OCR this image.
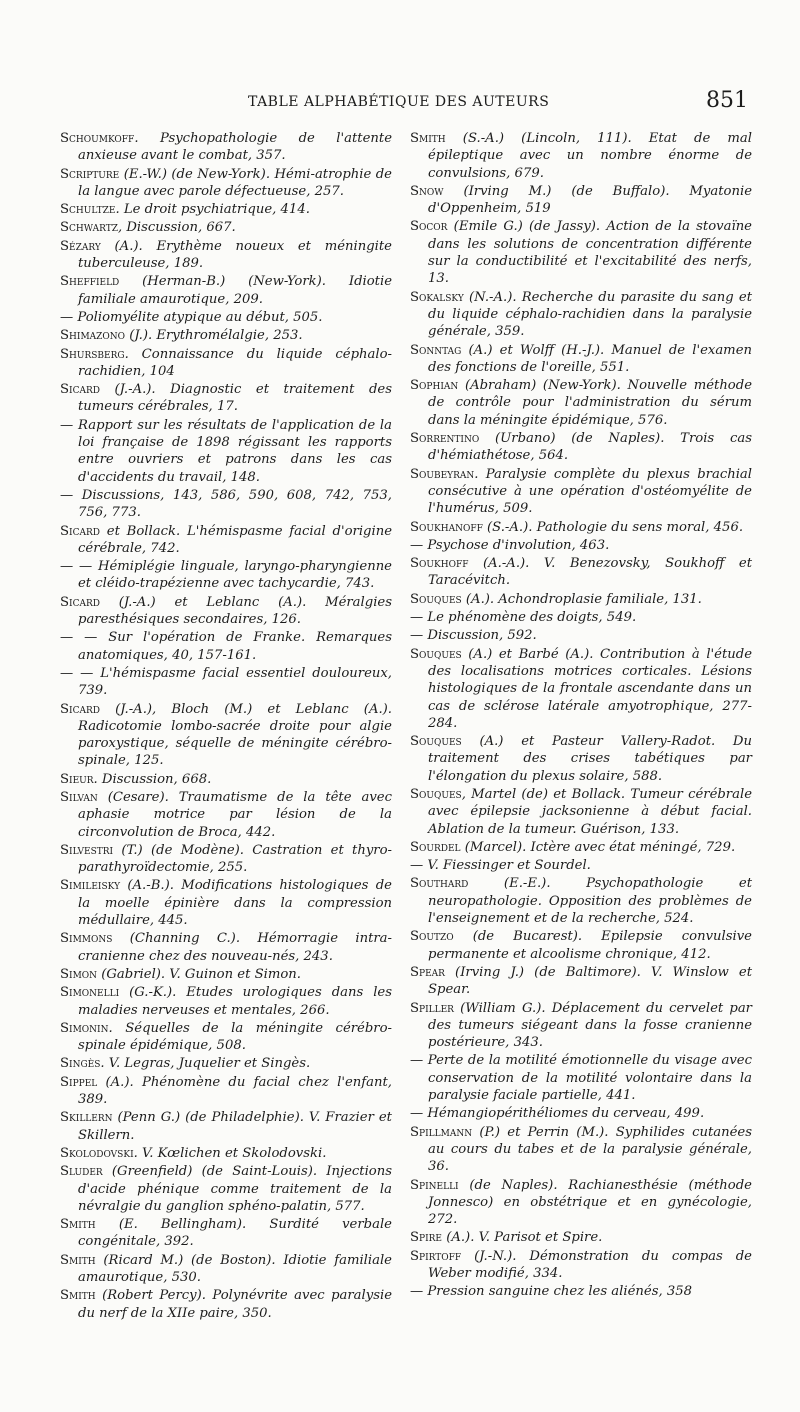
TABLE ALPHABÉTIQUE DES AUTEURS	851

Schoumkoff. Psychopathologie de l'attente anxieuse avant le combat, 357.

Scripture (E.-W.) (de New-York). Hémi-atrophie de la langue avec parole défectueuse, 257.

Schultze. Le droit psychiatrique, 414.

Schwartz, Discussion, 667.

Sézary (A.). Erythème noueux et méningite tuberculeuse, 189.

Sheffield (Herman-B.) (New-York). Idiotie familiale amaurotique, 209.

— Poliomyélite atypique au début, 505.

Shimazono (J.). Erythromélalgie, 253.

Shursberg. Connaissance du liquide céphalo-rachidien, 104

Sicard (J.-A.). Diagnostic et traitement des tumeurs cérébrales, 17.

— Rapport sur les résultats de l'application de la loi française de 1898 régissant les rapports entre ouvriers et patrons dans les cas d'accidents du travail, 148.

— Discussions, 143, 586, 590, 608, 742, 753, 756, 773.

Sicard et Bollack. L'hémispasme facial d'origine cérébrale, 742.

— — Hémiplégie linguale, laryngo-pharyngienne et cléido-trapézienne avec tachycardie, 743.

Sicard (J.-A.) et Leblanc (A.). Méralgies paresthésiques secondaires, 126.

— — Sur l'opération de Franke. Remarques anatomiques, 40, 157-161.

— — L'hémispasme facial essentiel douloureux, 739.

Sicard (J.-A.), Bloch (M.) et Leblanc (A.). Radicotomie lombo-sacrée droite pour algie paroxystique, séquelle de méningite cérébro-spinale, 125.

Sieur. Discussion, 668.

Silvan (Cesare). Traumatisme de la tête avec aphasie motrice par lésion de la circonvolution de Broca, 442.

Silvestri (T.) (de Modène). Castration et thyro-parathyroïdectomie, 255.

Simileisky (A.-B.). Modifications histologiques de la moelle épinière dans la compression médullaire, 445.

Simmons (Channing C.). Hémorragie intra-cranienne chez des nouveau-nés, 243.

Simon (Gabriel). V. Guinon et Simon.

Simonelli (G.-K.). Etudes urologiques dans les maladies nerveuses et mentales, 266.

Simonin. Séquelles de la méningite cérébro-spinale épidémique, 508.

Singès. V. Legras, Juquelier et Singès.

Sippel (A.). Phénomène du facial chez l'enfant, 389.

Skillern (Penn G.) (de Philadelphie). V. Frazier et Skillern.

Skolodovski. V. Kœlichen et Skolodovski.

Sluder (Greenfield) (de Saint-Louis). Injections d'acide phénique comme traitement de la névralgie du ganglion sphéno-palatin, 577.

Smith (E. Bellingham). Surdité verbale congénitale, 392.

Smith (Ricard M.) (de Boston). Idiotie familiale amaurotique, 530.

Smith (Robert Percy). Polynévrite avec paralysie du nerf de la XIIe paire, 350.

Smith (S.-A.) (Lincoln, 111). Etat de mal épileptique avec un nombre énorme de convulsions, 679.

Snow (Irving M.) (de Buffalo). Myatonie d'Oppenheim, 519

Socor (Emile G.) (de Jassy). Action de la stovaïne dans les solutions de concentration différente sur la conductibilité et l'excitabilité des nerfs, 13.

Sokalsky (N.-A.). Recherche du parasite du sang et du liquide céphalo-rachidien dans la paralysie générale, 359.

Sonntag (A.) et Wolff (H.-J.). Manuel de l'examen des fonctions de l'oreille, 551.

Sophian (Abraham) (New-York). Nouvelle méthode de contrôle pour l'administration du sérum dans la méningite épidémique, 576.

Sorrentino (Urbano) (de Naples). Trois cas d'hémiathétose, 564.

Soubeyran. Paralysie complète du plexus brachial consécutive à une opération d'ostéomyélite de l'humérus, 509.

Soukhanoff (S.-A.). Pathologie du sens moral, 456.

— Psychose d'involution, 463.

Soukhoff (A.-A.). V. Benezovsky, Soukhoff et Taracévitch.

Souques (A.). Achondroplasie familiale, 131.

— Le phénomène des doigts, 549.

— Discussion, 592.

Souques (A.) et Barbé (A.). Contribution à l'étude des localisations motrices corticales. Lésions histologiques de la frontale ascendante dans un cas de sclérose latérale amyotrophique, 277-284.

Souques (A.) et Pasteur Vallery-Radot. Du traitement des crises tabétiques par l'élongation du plexus solaire, 588.

Souques, Martel (de) et Bollack. Tumeur cérébrale avec épilepsie jacksonienne à début facial. Ablation de la tumeur. Guérison, 133.

Sourdel (Marcel). Ictère avec état méningé, 729.

— V. Fiessinger et Sourdel.

Southard (E.-E.). Psychopathologie et neuropathologie. Opposition des problèmes de l'enseignement et de la recherche, 524.

Soutzo (de Bucarest). Epilepsie convulsive permanente et alcoolisme chronique, 412.

Spear (Irving J.) (de Baltimore). V. Winslow et Spear.

Spiller (William G.). Déplacement du cervelet par des tumeurs siégeant dans la fosse cranienne postérieure, 343.

— Perte de la motilité émotionnelle du visage avec conservation de la motilité volontaire dans la paralysie faciale partielle, 441.

— Hémangiopérithéliomes du cerveau, 499.

Spillmann (P.) et Perrin (M.). Syphilides cutanées au cours du tabes et de la paralysie générale, 36.

Spinelli (de Naples). Rachianesthésie (méthode Jonnesco) en obstétrique et en gynécologie, 272.

Spire (A.). V. Parisot et Spire.

Spirtoff (J.-N.). Démonstration du compas de Weber modifié, 334.

— Pression sanguine chez les aliénés, 358
